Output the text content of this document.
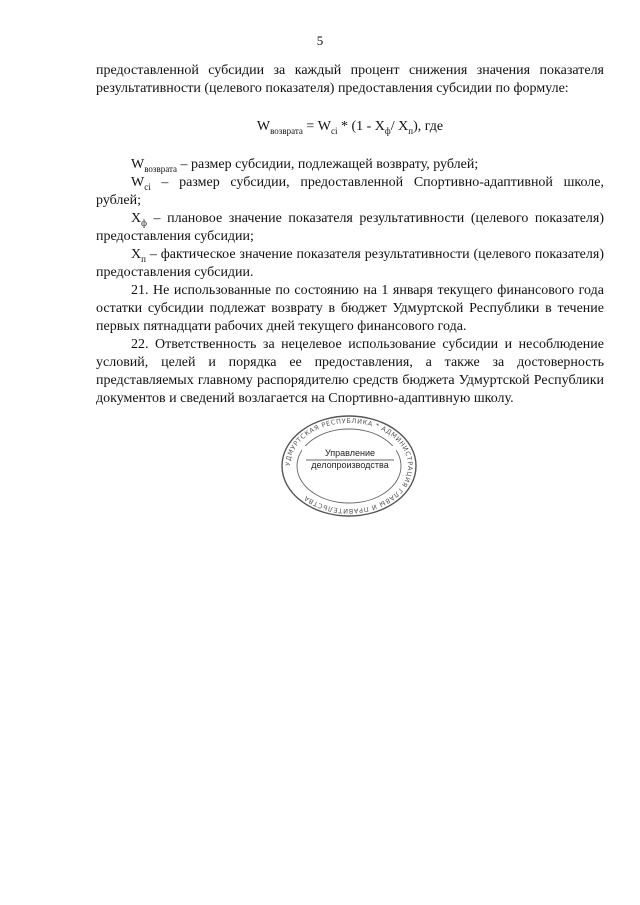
5

предоставленной субсидии за каждый процент снижения значения показателя результативности (целевого показателя) предоставления субсидии по формуле:

$W_{возврата} = W_{ci} * (1 - X_ф/$ $X_п$), где

$W_{возврата}$ – размер субсидии, подлежащей возврату, рублей;

$W_{ci}$ – размер субсидии, предоставленной Спортивно-адаптивной школе, рублей;

$X_ф$ – плановое значение показателя результативности (целевого показателя) предоставления субсидии;

$X_п$ – фактическое значение показателя результативности (целевого показателя) предоставления субсидии.

21. Не использованные по состоянию на 1 января текущего финансового года остатки субсидии подлежат возврату в бюджет Удмуртской Республики в течение первых пятнадцати рабочих дней текущего финансового года.

22. Ответственность за нецелевое использование субсидии и несоблюдение условий, целей и порядка ее предоставления, а также за достоверность представляемых главному распорядителю средств бюджета Удмуртской Республики документов и сведений возлагается на Спортивно-адаптивную школу.

УДМУРТСКАЯ РЕСПУБЛИКА * АДМИНИСТРАЦИЯ ГЛАВЫ И ПРАВИТЕЛЬСТВА
Управление
делопроизводства
